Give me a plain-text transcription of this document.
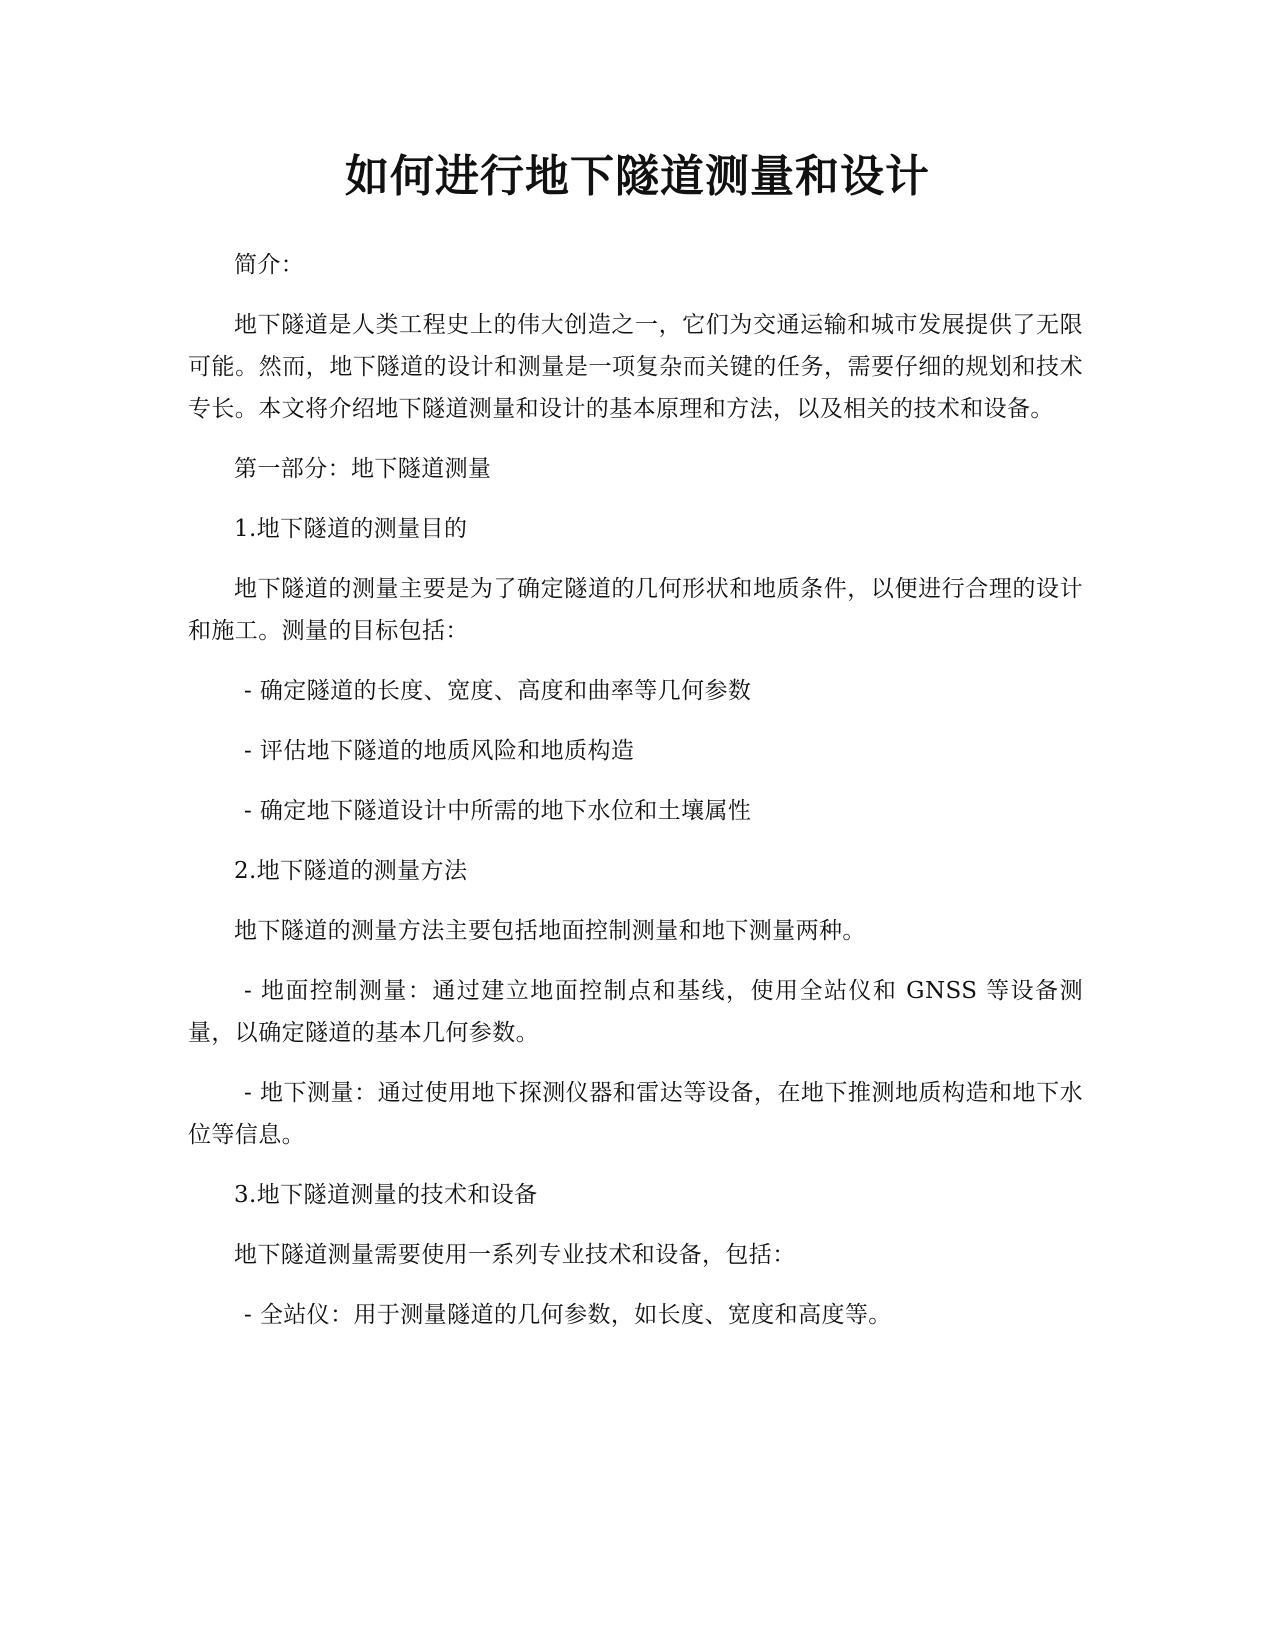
如何进行地下隧道测量和设计

简介：

地下隧道是人类工程史上的伟大创造之一，它们为交通运输和城市发展提供了无限可能。然而，地下隧道的设计和测量是一项复杂而关键的任务，需要仔细的规划和技术专长。本文将介绍地下隧道测量和设计的基本原理和方法，以及相关的技术和设备。

第一部分：地下隧道测量

1.地下隧道的测量目的

地下隧道的测量主要是为了确定隧道的几何形状和地质条件，以便进行合理的设计和施工。测量的目标包括：

- 确定隧道的长度、宽度、高度和曲率等几何参数

- 评估地下隧道的地质风险和地质构造

- 确定地下隧道设计中所需的地下水位和土壤属性

2.地下隧道的测量方法

地下隧道的测量方法主要包括地面控制测量和地下测量两种。

- 地面控制测量：通过建立地面控制点和基线，使用全站仪和 GNSS 等设备测量，以确定隧道的基本几何参数。

- 地下测量：通过使用地下探测仪器和雷达等设备，在地下推测地质构造和地下水位等信息。

3.地下隧道测量的技术和设备

地下隧道测量需要使用一系列专业技术和设备，包括：

- 全站仪：用于测量隧道的几何参数，如长度、宽度和高度等。
